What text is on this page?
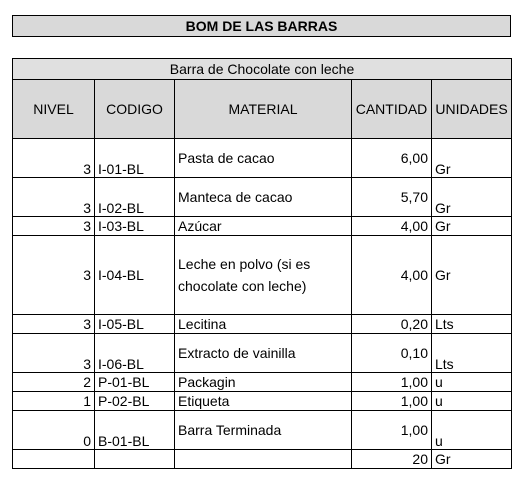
BOM DE LAS BARRAS
Barra de Chocolate con leche				
NIVEL	CODIGO	MATERIAL	CANTIDAD	UNIDADES
3	I-01-BL	Pasta de cacao	6,00	Gr
3	I-02-BL	Manteca de cacao	5,70	Gr
3	I-03-BL	Azúcar	4,00	Gr
3	I-04-BL	Leche en polvo (si es chocolate con leche)	4,00	Gr
3	I-05-BL	Lecitina	0,20	Lts
3	I-06-BL	Extracto de vainilla	0,10	Lts
2	P-01-BL	Packagin	1,00	u
1	P-02-BL	Etiqueta	1,00	u
0	B-01-BL	Barra Terminada	1,00	u
			20	Gr
